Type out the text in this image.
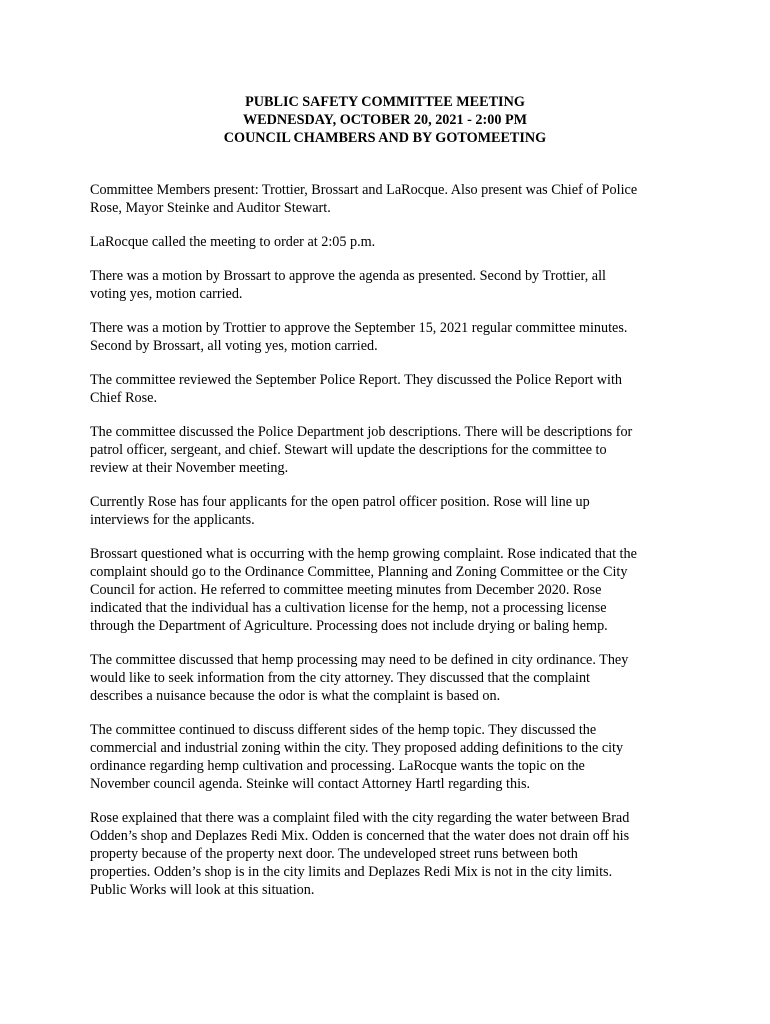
PUBLIC SAFETY COMMITTEE MEETING
WEDNESDAY, OCTOBER 20, 2021 - 2:00 PM
COUNCIL CHAMBERS AND BY GOTOMEETING
Committee Members present: Trottier, Brossart and LaRocque. Also present was Chief of Police
Rose, Mayor Steinke and Auditor Stewart.
LaRocque called the meeting to order at 2:05 p.m.
There was a motion by Brossart to approve the agenda as presented. Second by Trottier, all
voting yes, motion carried.
There was a motion by Trottier to approve the September 15, 2021 regular committee minutes.
Second by Brossart, all voting yes, motion carried.
The committee reviewed the September Police Report. They discussed the Police Report with
Chief Rose.
The committee discussed the Police Department job descriptions. There will be descriptions for
patrol officer, sergeant, and chief. Stewart will update the descriptions for the committee to
review at their November meeting.
Currently Rose has four applicants for the open patrol officer position. Rose will line up
interviews for the applicants.
Brossart questioned what is occurring with the hemp growing complaint. Rose indicated that the
complaint should go to the Ordinance Committee, Planning and Zoning Committee or the City
Council for action. He referred to committee meeting minutes from December 2020. Rose
indicated that the individual has a cultivation license for the hemp, not a processing license
through the Department of Agriculture. Processing does not include drying or baling hemp.
The committee discussed that hemp processing may need to be defined in city ordinance. They
would like to seek information from the city attorney. They discussed that the complaint
describes a nuisance because the odor is what the complaint is based on.
The committee continued to discuss different sides of the hemp topic. They discussed the
commercial and industrial zoning within the city. They proposed adding definitions to the city
ordinance regarding hemp cultivation and processing. LaRocque wants the topic on the
November council agenda. Steinke will contact Attorney Hartl regarding this.
Rose explained that there was a complaint filed with the city regarding the water between Brad
Odden’s shop and Deplazes Redi Mix. Odden is concerned that the water does not drain off his
property because of the property next door. The undeveloped street runs between both
properties. Odden’s shop is in the city limits and Deplazes Redi Mix is not in the city limits.
Public Works will look at this situation.
